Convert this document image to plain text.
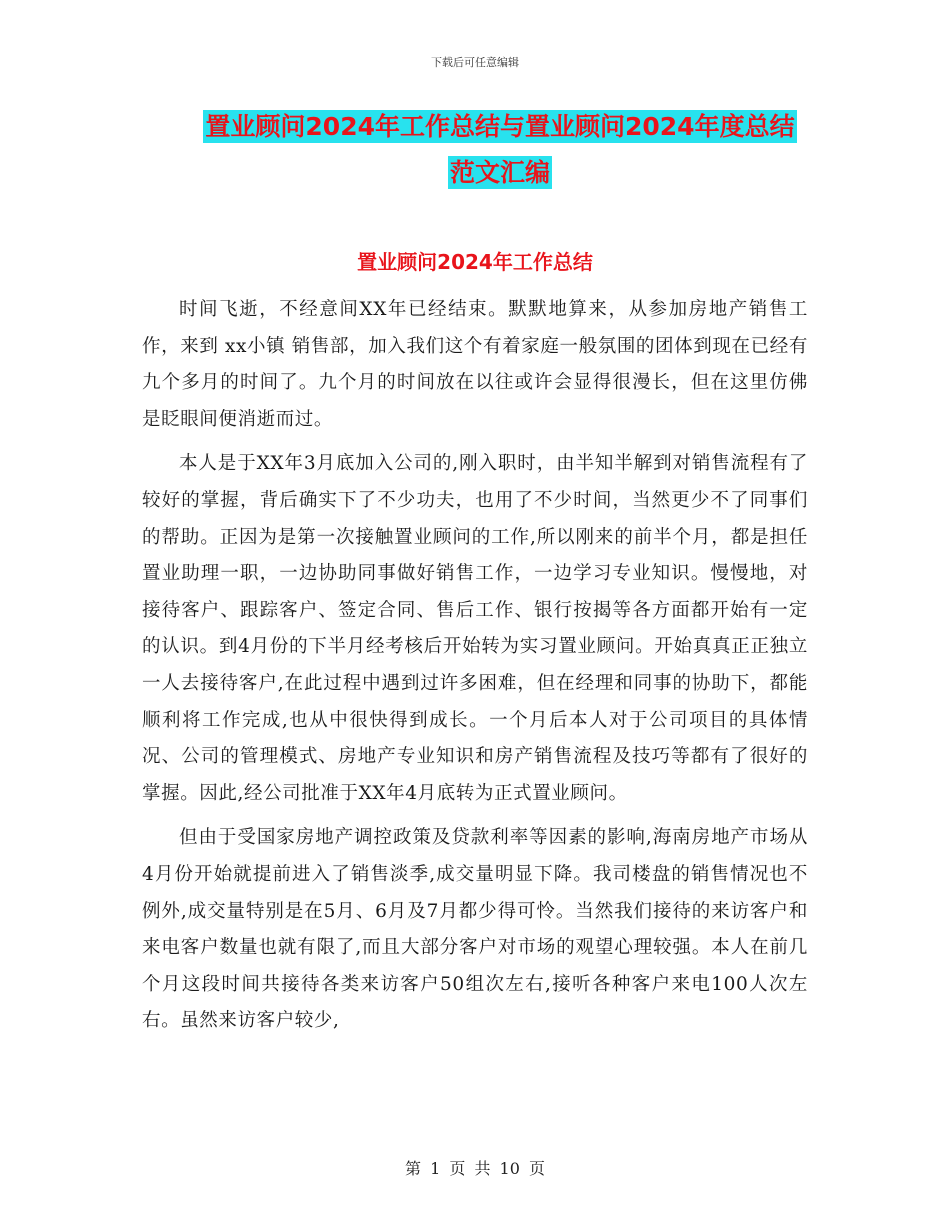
下载后可任意编辑
置业顾问2024年工作总结与置业顾问2024年度总结
范文汇编
置业顾问2024年工作总结

时间飞逝，不经意间XX年已经结束。默默地算来，从参加房地产销售工作，来到 xx小镇 销售部，加入我们这个有着家庭一般氛围的团体到现在已经有九个多月的时间了。九个月的时间放在以往或许会显得很漫长，但在这里仿佛是眨眼间便消逝而过。

本人是于XX年3月底加入公司的,刚入职时，由半知半解到对销售流程有了较好的掌握，背后确实下了不少功夫，也用了不少时间，当然更少不了同事们的帮助。正因为是第一次接触置业顾问的工作,所以刚来的前半个月，都是担任置业助理一职，一边协助同事做好销售工作，一边学习专业知识。慢慢地，对接待客户、跟踪客户、签定合同、售后工作、银行按揭等各方面都开始有一定的认识。到4月份的下半月经考核后开始转为实习置业顾问。开始真真正正独立一人去接待客户,在此过程中遇到过许多困难，但在经理和同事的协助下，都能顺利将工作完成,也从中很快得到成长。一个月后本人对于公司项目的具体情况、公司的管理模式、房地产专业知识和房产销售流程及技巧等都有了很好的掌握。因此,经公司批准于XX年4月底转为正式置业顾问。

但由于受国家房地产调控政策及贷款利率等因素的影响,海南房地产市场从4月份开始就提前进入了销售淡季,成交量明显下降。我司楼盘的销售情况也不例外,成交量特别是在5月、6月及7月都少得可怜。当然我们接待的来访客户和来电客户数量也就有限了,而且大部分客户对市场的观望心理较强。本人在前几个月这段时间共接待各类来访客户50组次左右,接听各种客户来电100人次左右。虽然来访客户较少,

第 1 页 共 10 页
